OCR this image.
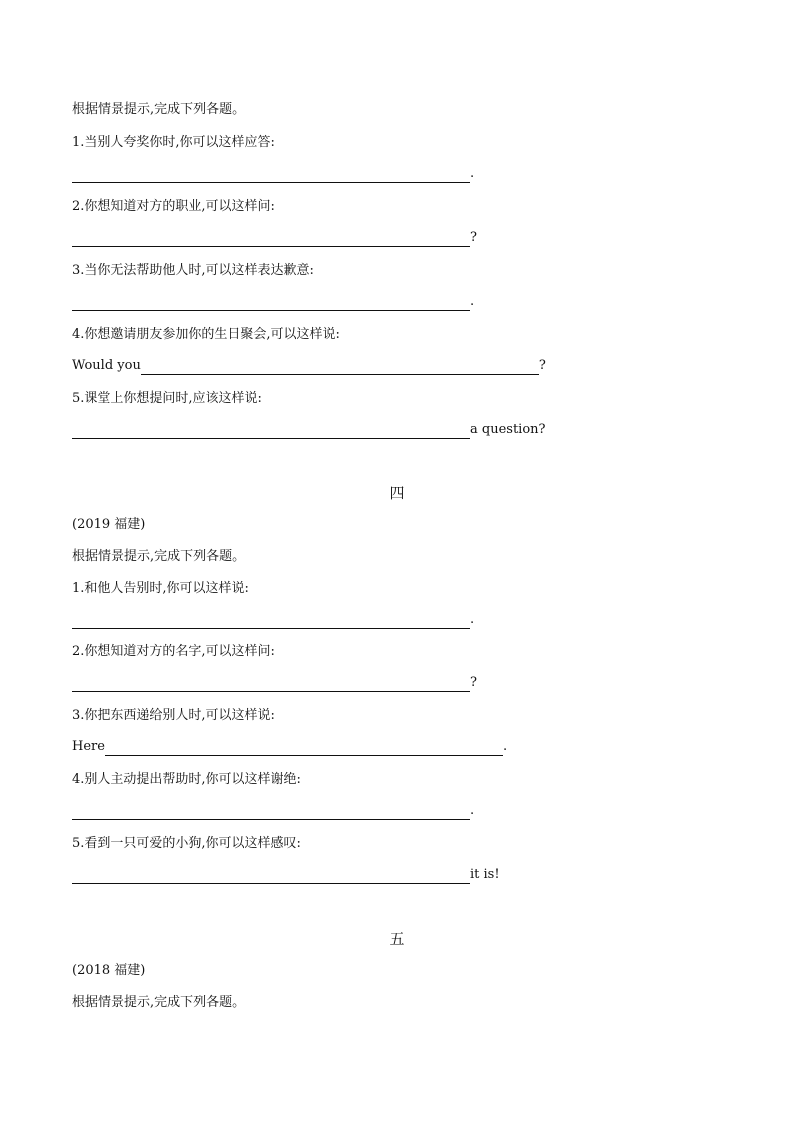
根据情景提示,完成下列各题。
1.当别人夸奖你时,你可以这样应答:
.
2.你想知道对方的职业,可以这样问:
?
3.当你无法帮助他人时,可以这样表达歉意:
.
4.你想邀请朋友参加你的生日聚会,可以这样说:
Would you	?
5.课堂上你想提问时,应该这样说:
a question?
四
(2019 福建)
根据情景提示,完成下列各题。
1.和他人告别时,你可以这样说:
.
2.你想知道对方的名字,可以这样问:
?
3.你把东西递给别人时,可以这样说:
Here	.
4.别人主动提出帮助时,你可以这样谢绝:
.
5.看到一只可爱的小狗,你可以这样感叹:
it is!
五
(2018 福建)
根据情景提示,完成下列各题。
